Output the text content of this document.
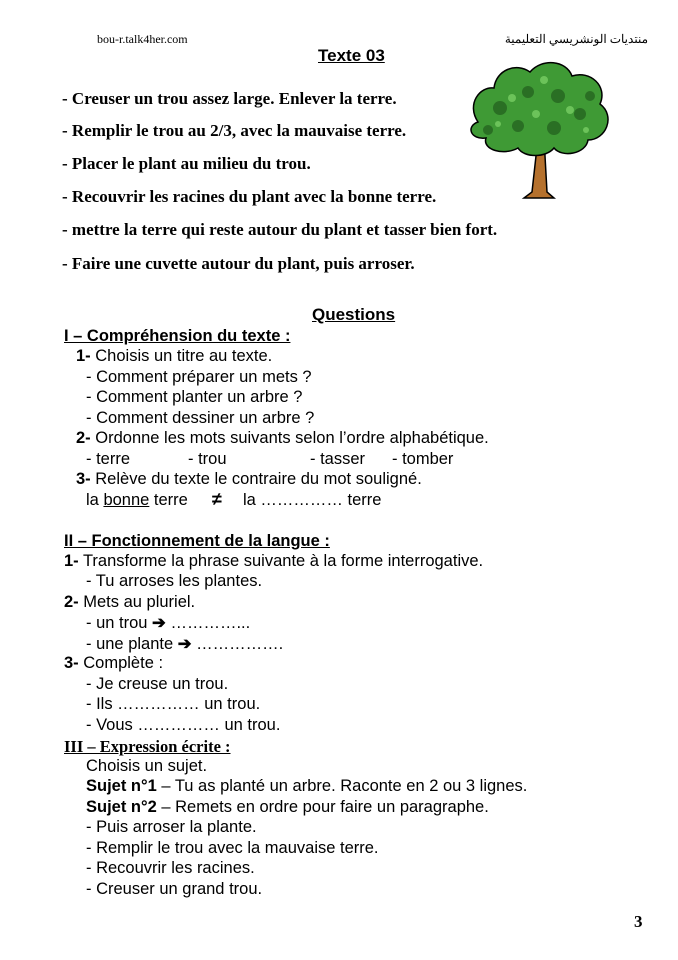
bou-r.talk4her.com	منتديات الونشريسي التعليمية
Texte 03
- Creuser un trou assez large. Enlever la terre.
- Remplir le trou au 2/3, avec la mauvaise terre.
- Placer le plant au milieu du trou.
- Recouvrir les racines du plant avec la bonne terre.
- mettre la terre qui reste autour du plant et tasser bien fort.
- Faire une cuvette autour du plant, puis arroser.
Questions
I – Compréhension du texte :
1- Choisis un titre au texte.
- Comment préparer un mets ?
- Comment planter un arbre ?
- Comment dessiner un arbre ?
2- Ordonne les mots suivants selon l’ordre alphabétique.
- terre	- trou	- tasser - tomber
3- Relève du texte le contraire du mot souligné.
la bonne terre ≠ la …………… terre
II – Fonctionnement de la langue :
1- Transforme la phrase suivante à la forme interrogative.
- Tu arroses les plantes.
2- Mets au pluriel.
- un trou ➔ …………...
- une plante ➔ …………….
3- Complète :
- Je creuse un trou.
- Ils …………… un trou.
- Vous …………… un trou.
III – Expression écrite :
Choisis un sujet.
Sujet n°1 – Tu as planté un arbre. Raconte en 2 ou 3 lignes.
Sujet n°2 – Remets en ordre pour faire un paragraphe.
- Puis arroser la plante.
- Remplir le trou avec la mauvaise terre.
- Recouvrir les racines.
- Creuser un grand trou.
3
